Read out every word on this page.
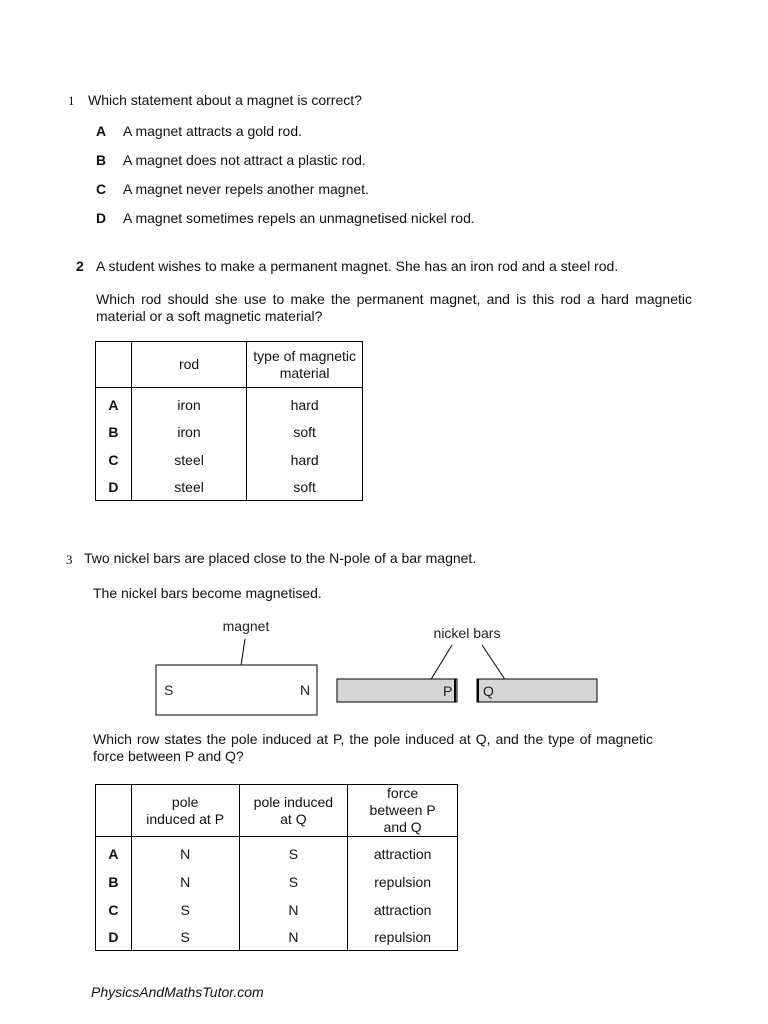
1 Which statement about a magnet is correct?
A A magnet attracts a gold rod.
B A magnet does not attract a plastic rod.
C A magnet never repels another magnet.
D A magnet sometimes repels an unmagnetised nickel rod.
2 A student wishes to make a permanent magnet. She has an iron rod and a steel rod.
Which rod should she use to make the permanent magnet, and is this rod a hard magnetic material or a soft magnetic material?
	rod	type of magnetic material
A	iron	hard
B	iron	soft
C	steel	hard
D	steel	soft
3 Two nickel bars are placed close to the N-pole of a bar magnet.
The nickel bars become magnetised.
magnet
S	N
nickel bars
P Q
Which row states the pole induced at P, the pole induced at Q, and the type of magnetic force between P and Q?
	pole induced at P	pole induced at Q	force between P and Q
A	N	S	attraction
B	N	S	repulsion
C	S	N	attraction
D	S	N	repulsion
PhysicsAndMathsTutor.com
